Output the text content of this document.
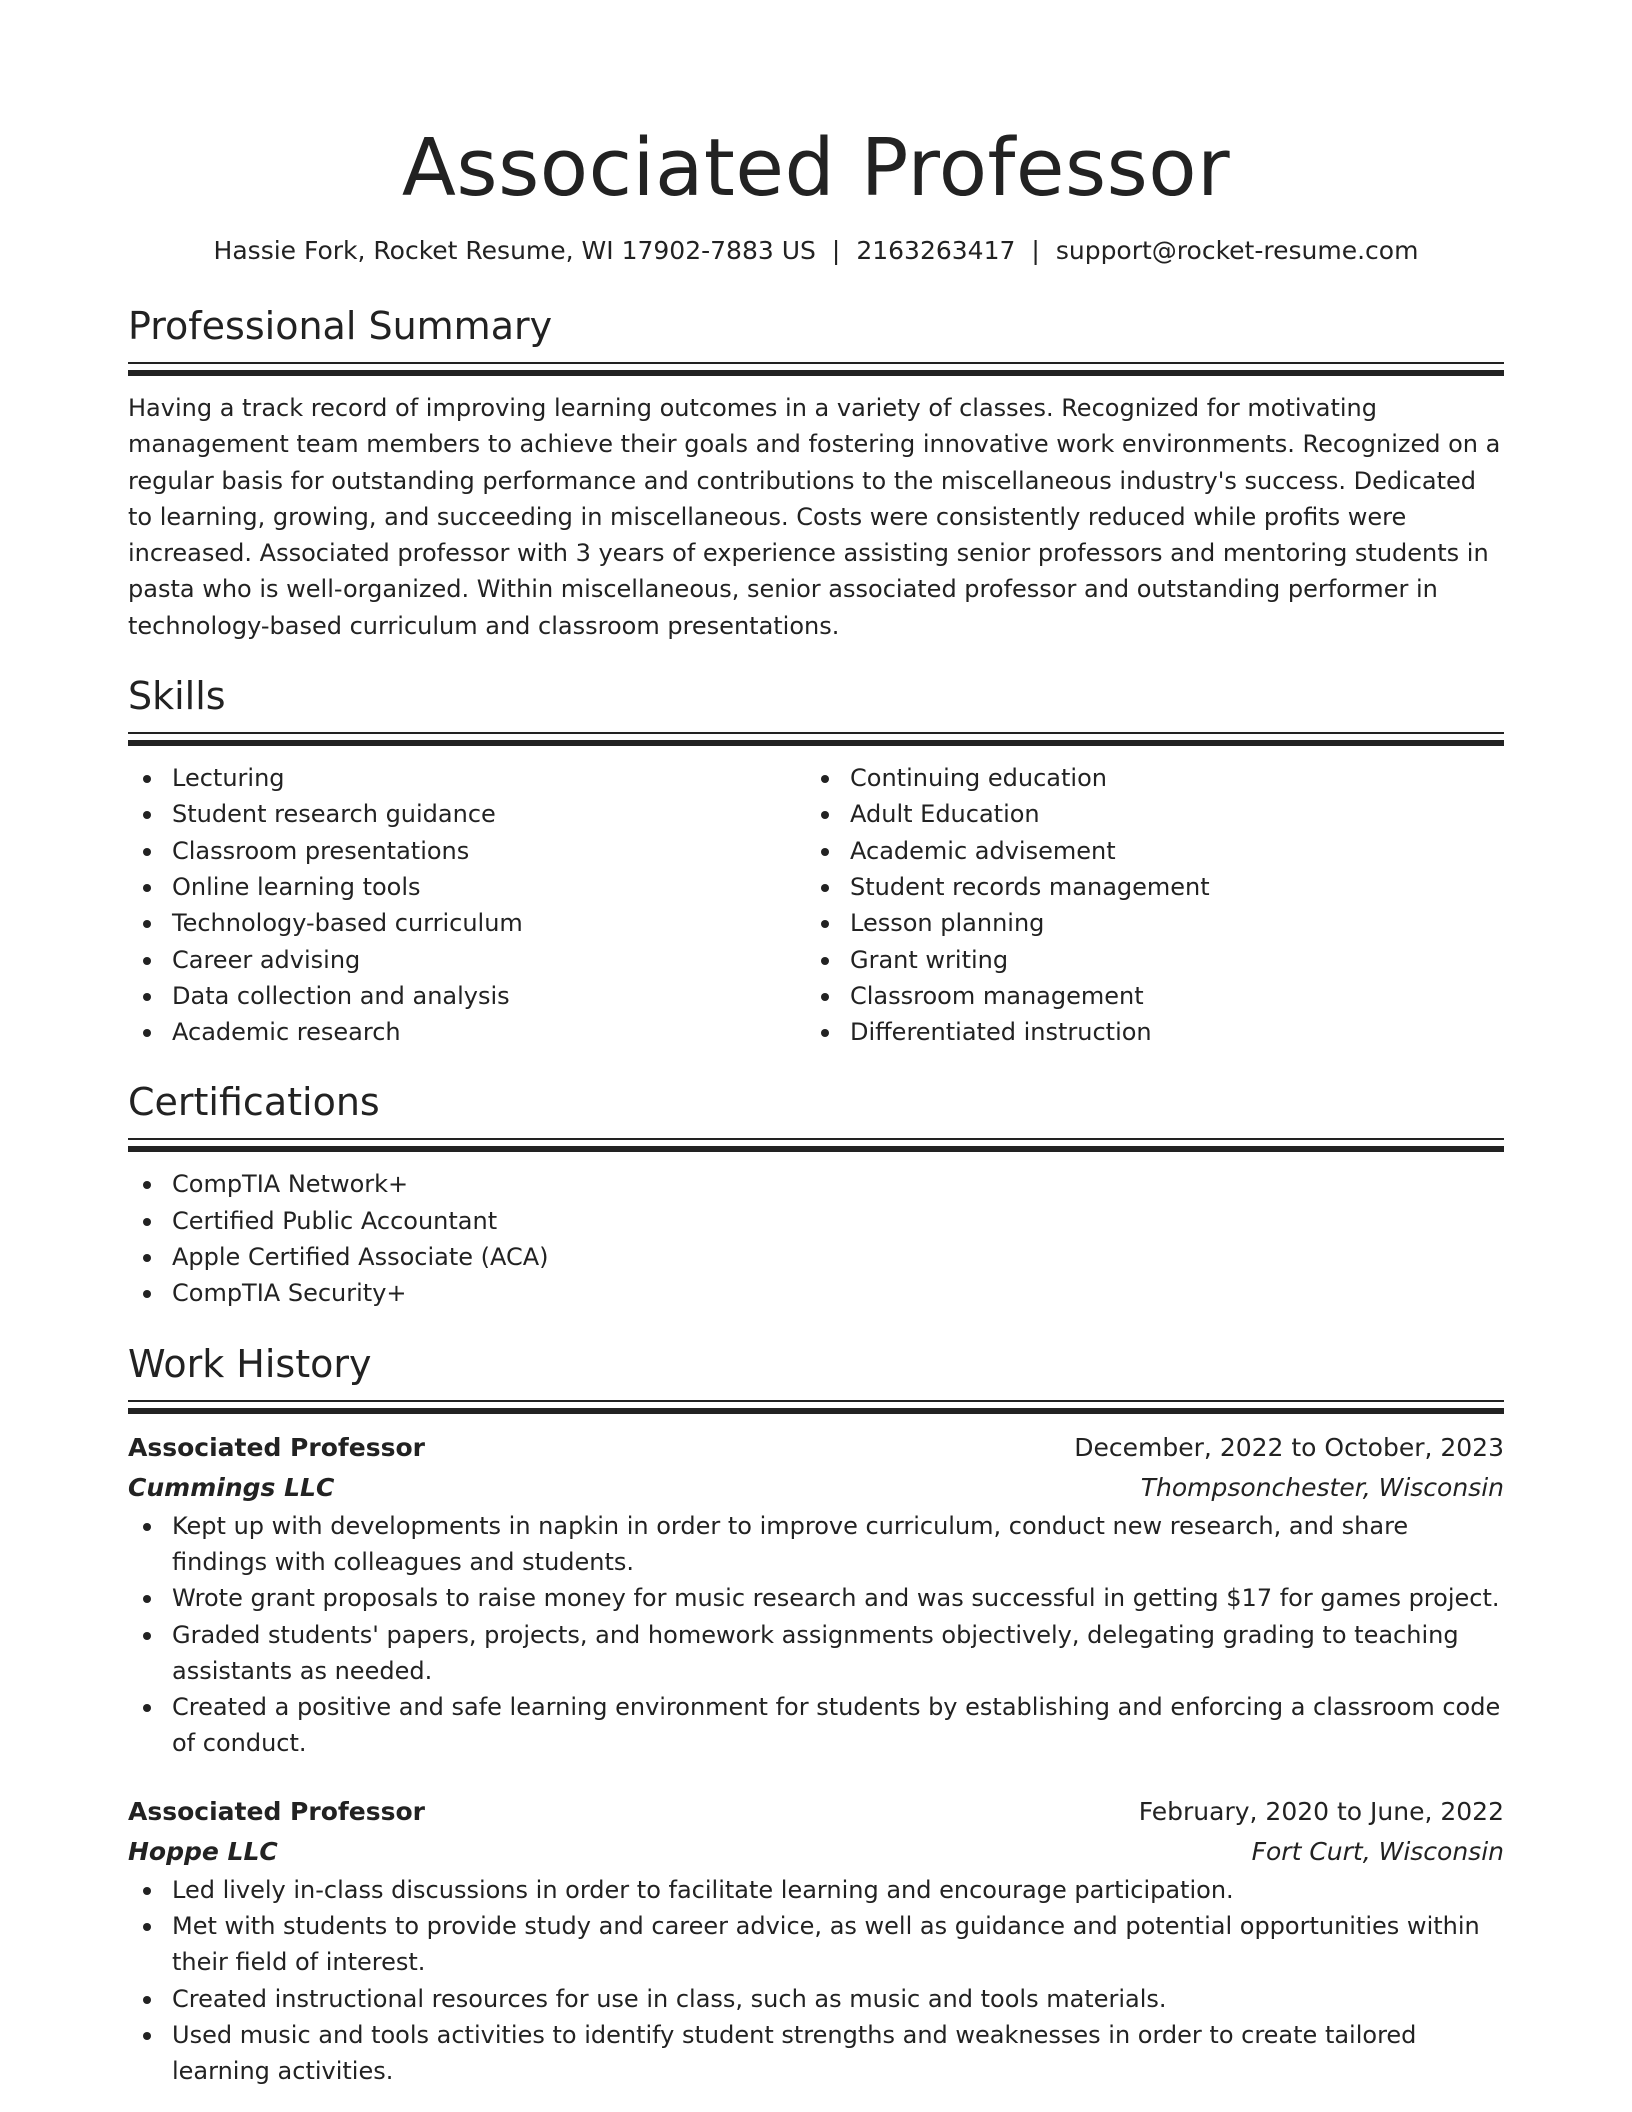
Associated Professor
Hassie Fork, Rocket Resume, WI 17902-7883 US | 2163263417 | support@rocket-resume.com
Professional Summary

Having a track record of improving learning outcomes in a variety of classes. Recognized for motivating management team members to achieve their goals and fostering innovative work environments. Recognized on a regular basis for outstanding performance and contributions to the miscellaneous industry's success. Dedicated to learning, growing, and succeeding in miscellaneous. Costs were consistently reduced while profits were increased. Associated professor with 3 years of experience assisting senior professors and mentoring students in pasta who is well-organized. Within miscellaneous, senior associated professor and outstanding performer in technology-based curriculum and classroom presentations.

Skills
Lecturing
Student research guidance
Classroom presentations
Online learning tools
Technology-based curriculum
Career advising
Data collection and analysis
Academic research
Continuing education
Adult Education
Academic advisement
Student records management
Lesson planning
Grant writing
Classroom management
Differentiated instruction
Certifications
CompTIA Network+
Certified Public Accountant
Apple Certified Associate (ACA)
CompTIA Security+
Work History
Associated Professor	December, 2022 to October, 2023
Cummings LLC	Thompsonchester, Wisconsin
Kept up with developments in napkin in order to improve curriculum, conduct new research, and share findings with colleagues and students.
Wrote grant proposals to raise money for music research and was successful in getting $17 for games project.
Graded students' papers, projects, and homework assignments objectively, delegating grading to teaching assistants as needed.
Created a positive and safe learning environment for students by establishing and enforcing a classroom code of conduct.
Associated Professor	February, 2020 to June, 2022
Hoppe LLC	Fort Curt, Wisconsin
Led lively in-class discussions in order to facilitate learning and encourage participation.
Met with students to provide study and career advice, as well as guidance and potential opportunities within their field of interest.
Created instructional resources for use in class, such as music and tools materials.
Used music and tools activities to identify student strengths and weaknesses in order to create tailored learning activities.
